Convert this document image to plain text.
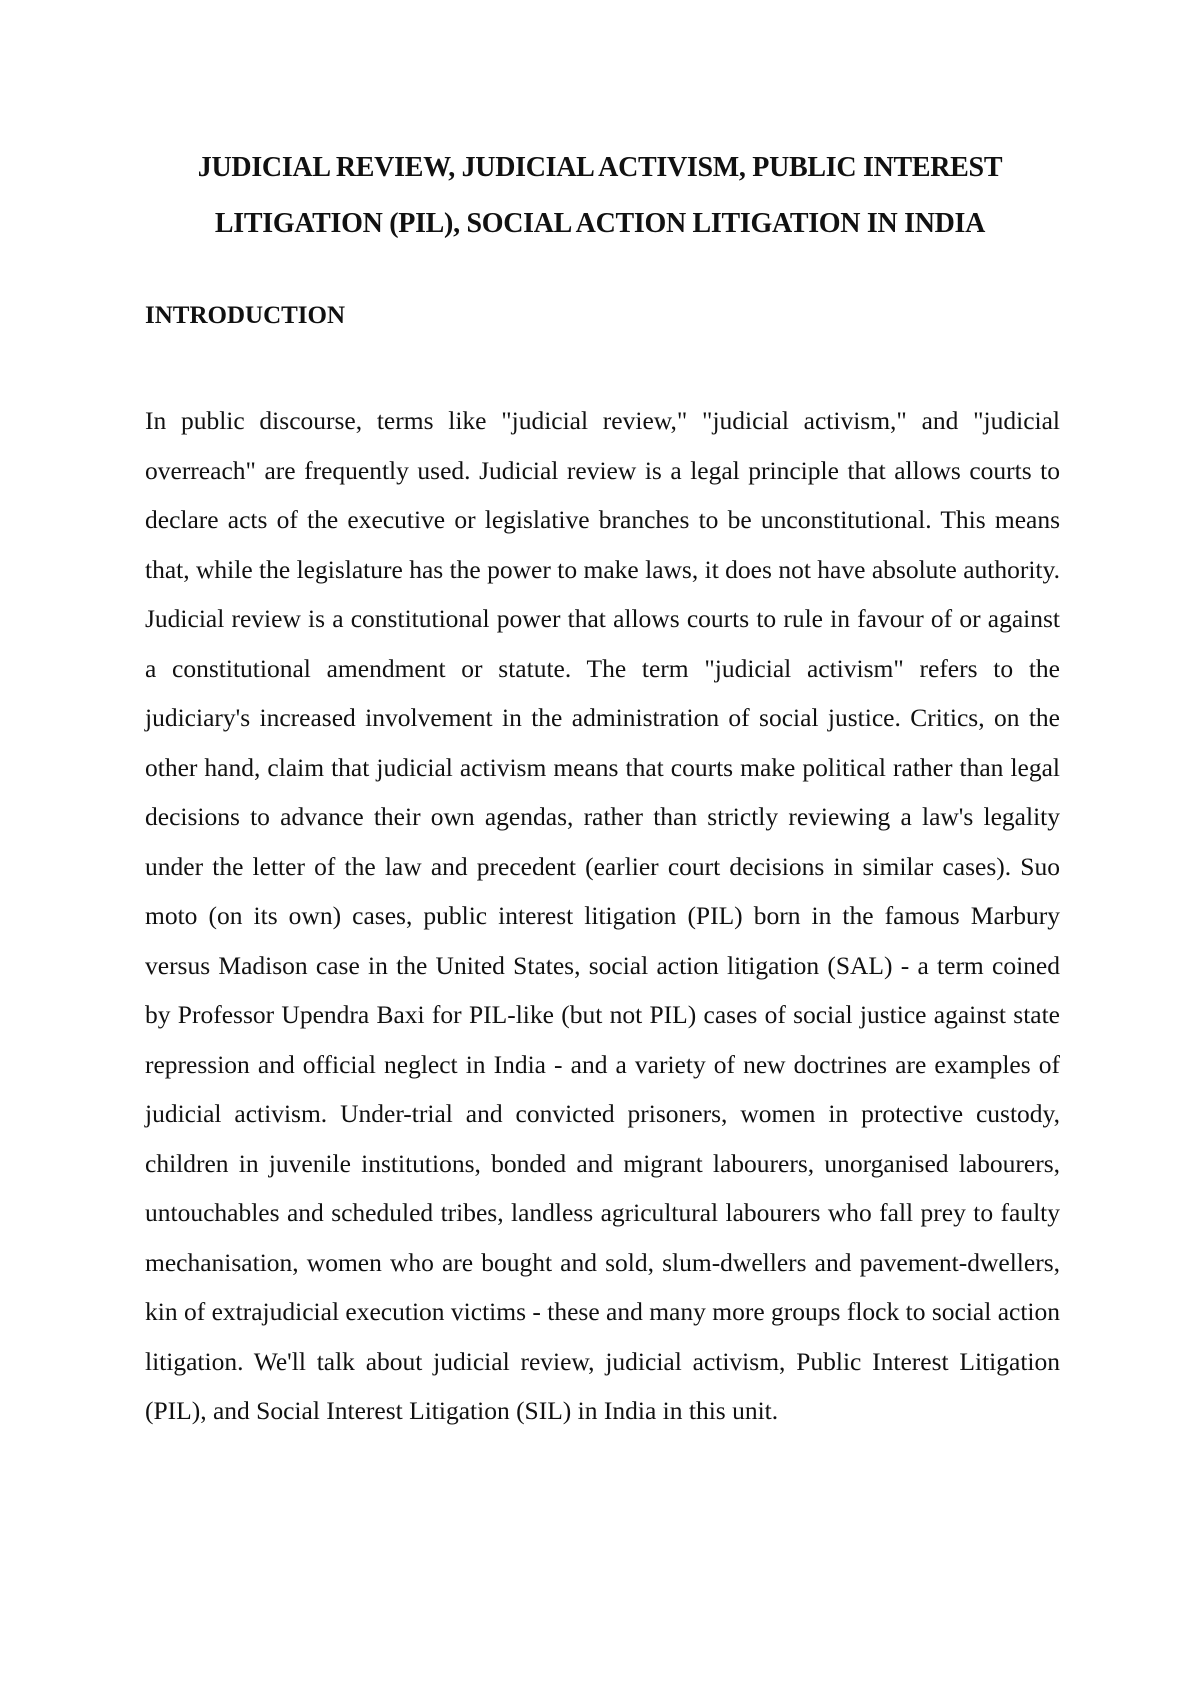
JUDICIAL REVIEW, JUDICIAL ACTIVISM, PUBLIC INTEREST
LITIGATION (PIL), SOCIAL ACTION LITIGATION IN INDIA
INTRODUCTION

In public discourse, terms like "judicial review," "judicial activism," and "judicial overreach" are frequently used. Judicial review is a legal principle that allows courts to declare acts of the executive or legislative branches to be unconstitutional. This means that, while the legislature has the power to make laws, it does not have absolute authority. Judicial review is a constitutional power that allows courts to rule in favour of or against a constitutional amendment or statute. The term "judicial activism" refers to the judiciary's increased involvement in the administration of social justice. Critics, on the other hand, claim that judicial activism means that courts make political rather than legal decisions to advance their own agendas, rather than strictly reviewing a law's legality under the letter of the law and precedent (earlier court decisions in similar cases). Suo moto (on its own) cases, public interest litigation (PIL) born in the famous Marbury versus Madison case in the United States, social action litigation (SAL) - a term coined by Professor Upendra Baxi for PIL-like (but not PIL) cases of social justice against state repression and official neglect in India - and a variety of new doctrines are examples of judicial activism. Under-trial and convicted prisoners, women in protective custody, children in juvenile institutions, bonded and migrant labourers, unorganised labourers, untouchables and scheduled tribes, landless agricultural labourers who fall prey to faulty mechanisation, women who are bought and sold, slum-dwellers and pavement-dwellers, kin of extrajudicial execution victims - these and many more groups flock to social action litigation. We'll talk about judicial review, judicial activism, Public Interest Litigation (PIL), and Social Interest Litigation (SIL) in India in this unit.
